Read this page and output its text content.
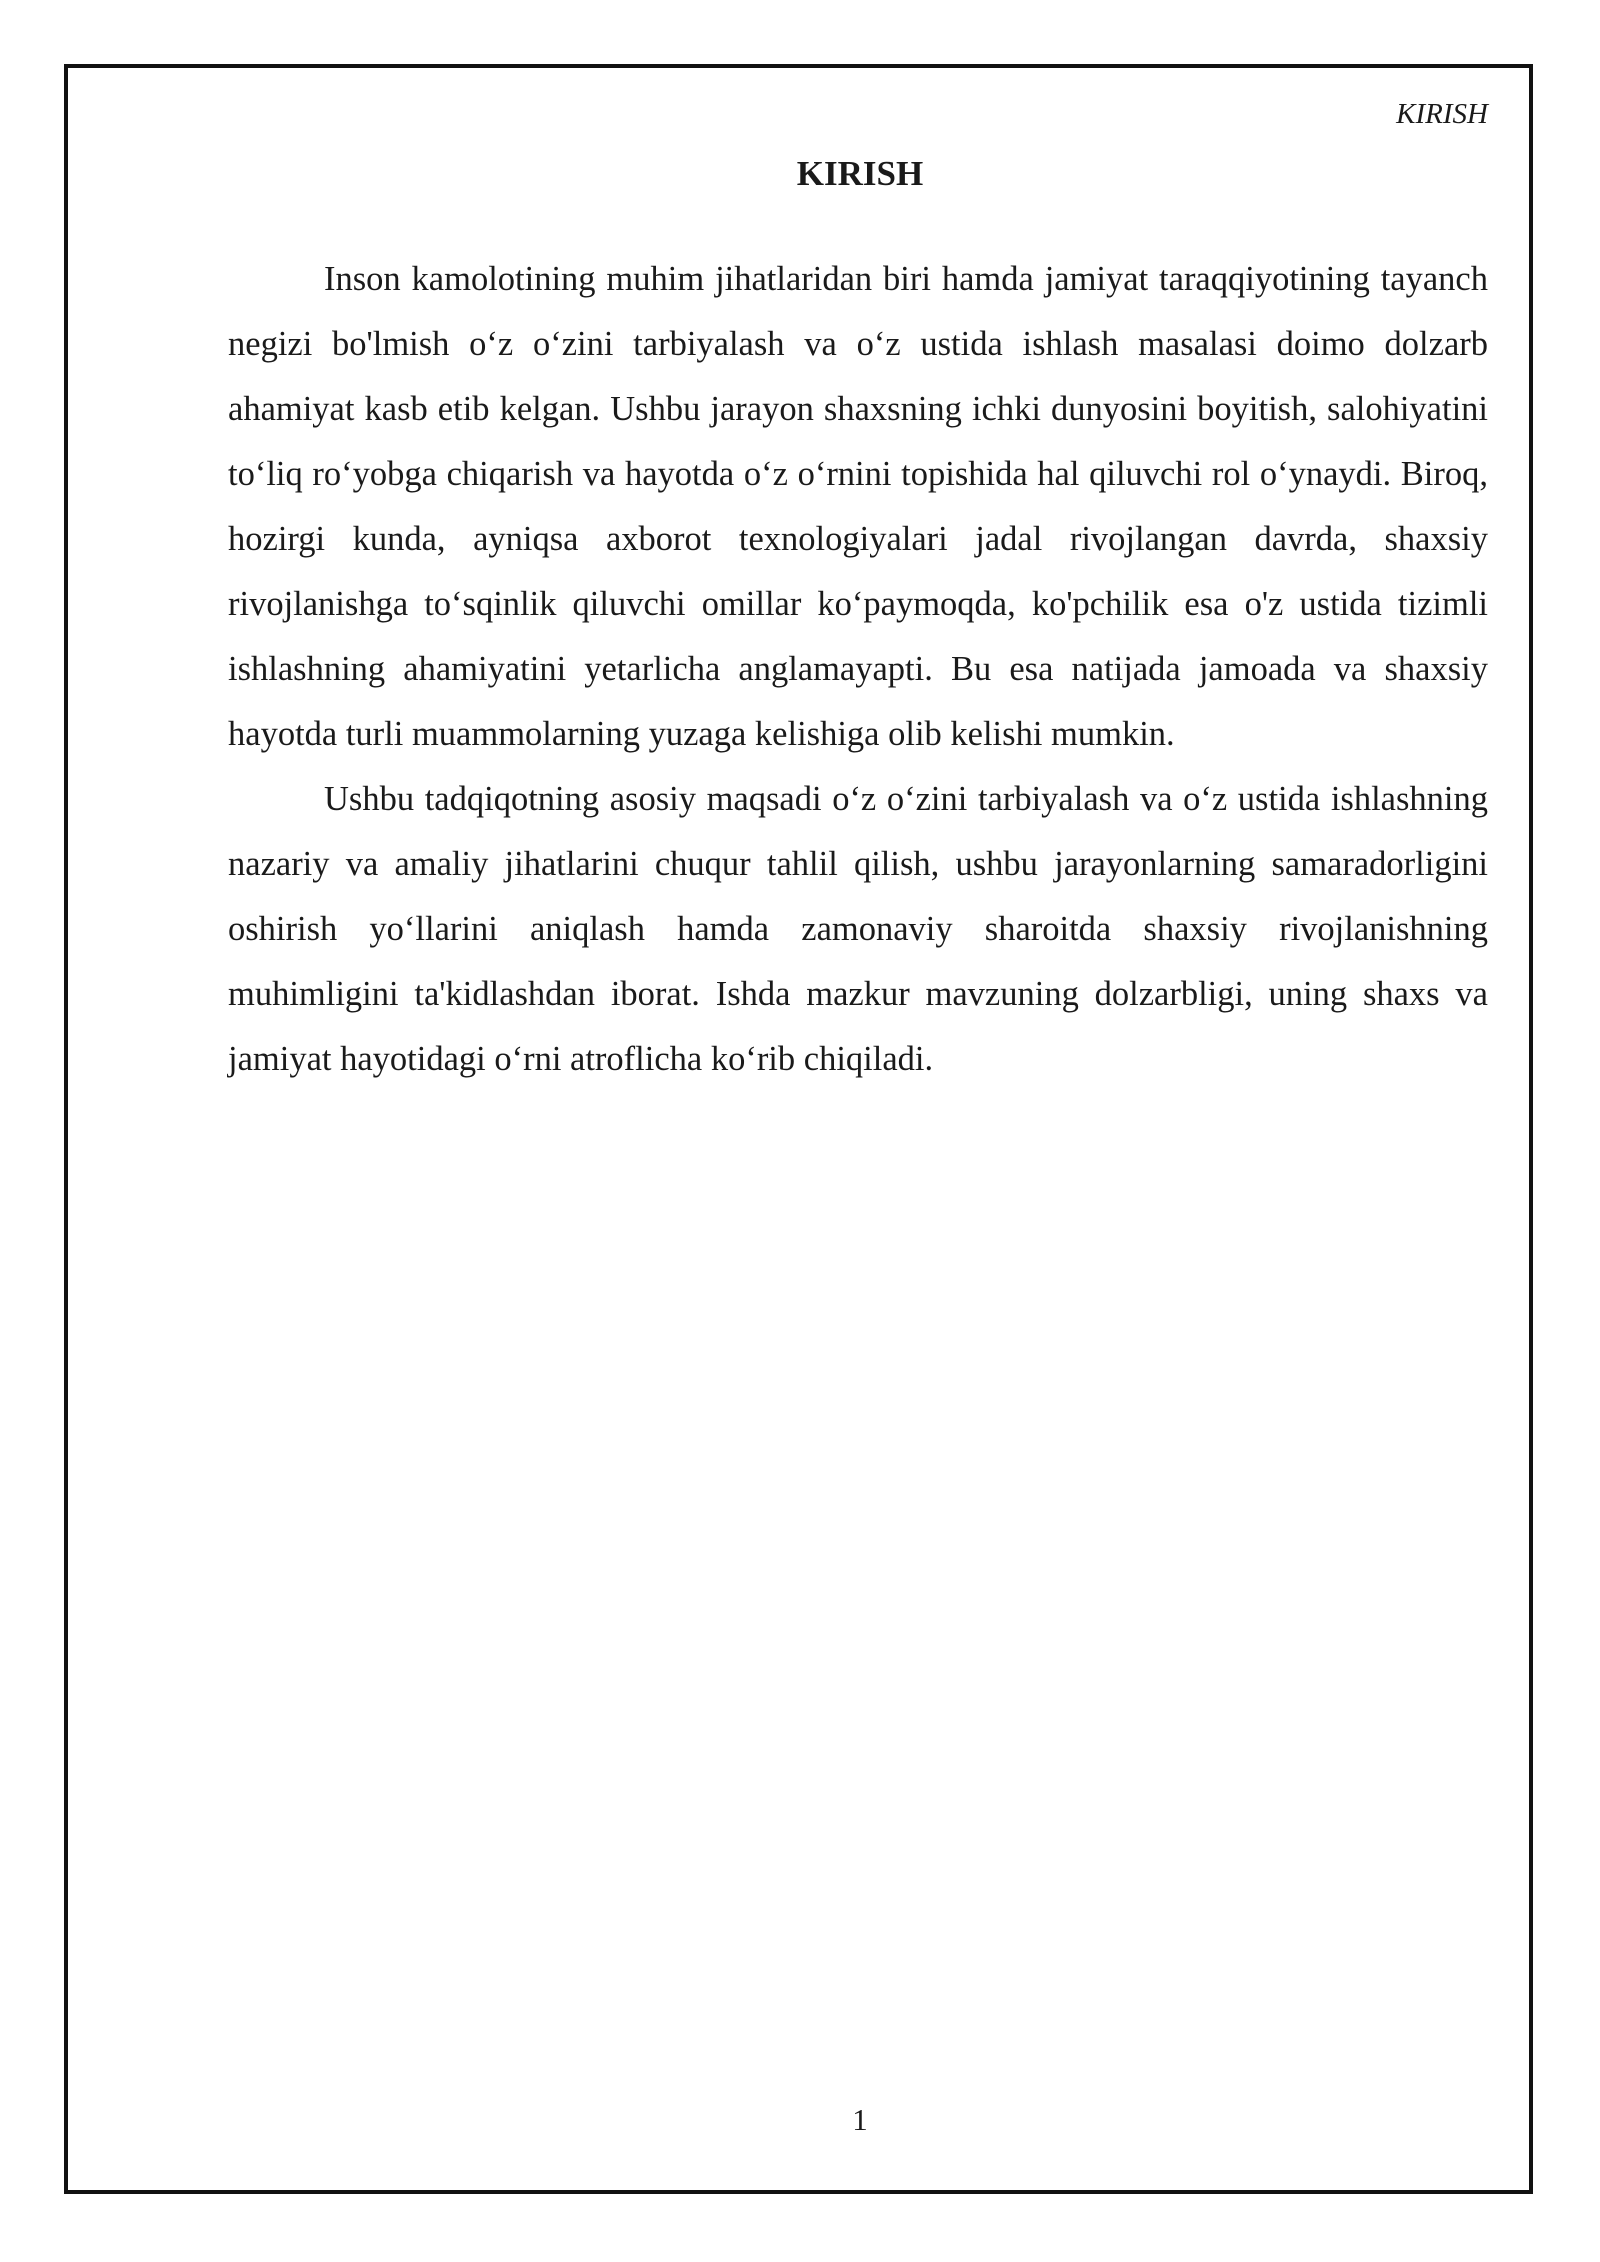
KIRISH
KIRISH

Inson kamolotining muhim jihatlaridan biri hamda jamiyat taraqqiyotining tayanch negizi bo'lmish o‘z o‘zini tarbiyalash va o‘z ustida ishlash masalasi doimo dolzarb ahamiyat kasb etib kelgan. Ushbu jarayon shaxsning ichki dunyosini boyitish, salohiyatini to‘liq ro‘yobga chiqarish va hayotda o‘z o‘rnini topishida hal qiluvchi rol o‘ynaydi. Biroq, hozirgi kunda, ayniqsa axborot texnologiyalari jadal rivojlangan davrda, shaxsiy rivojlanishga to‘sqinlik qiluvchi omillar ko‘paymoqda, ko'pchilik esa o'z ustida tizimli ishlashning ahamiyatini yetarlicha anglamayapti. Bu esa natijada jamoada va shaxsiy hayotda turli muammolarning yuzaga kelishiga olib kelishi mumkin.

Ushbu tadqiqotning asosiy maqsadi o‘z o‘zini tarbiyalash va o‘z ustida ishlashning nazariy va amaliy jihatlarini chuqur tahlil qilish, ushbu jarayonlarning samaradorligini oshirish yo‘llarini aniqlash hamda zamonaviy sharoitda shaxsiy rivojlanishning muhimligini ta'kidlashdan iborat. Ishda mazkur mavzuning dolzarbligi, uning shaxs va jamiyat hayotidagi o‘rni atroflicha ko‘rib chiqiladi.

1
